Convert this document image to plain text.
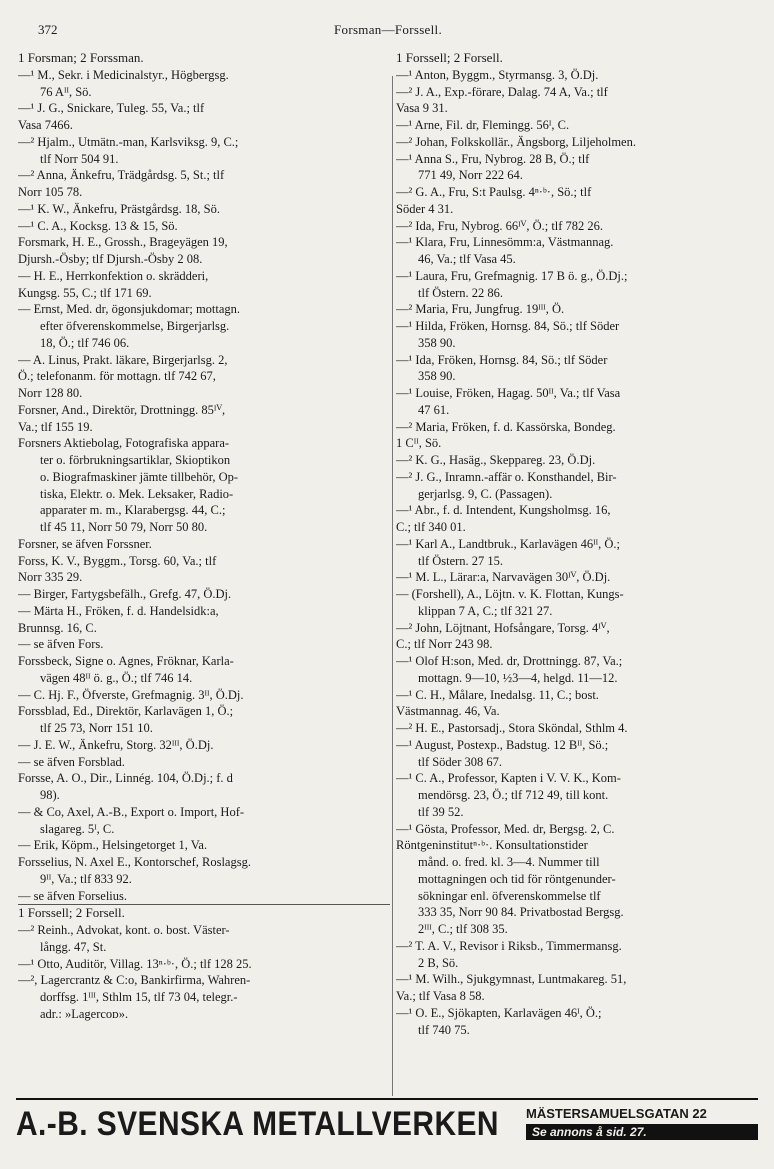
372	Forsman—Forssell.
1 Forsman; 2 Forssman.
—¹ M., Sekr. i Medicinalstyr., Högbergsg.
76 Aᴵᴵ, Sö.
—¹ J. G., Snickare, Tuleg. 55, Va.; tlf
Vasa 7466.
—² Hjalm., Utmätn.-man, Karlsviksg. 9, C.;
tlf Norr 504 91.
—² Anna, Änkefru, Trädgårdsg. 5, St.; tlf
Norr 105 78.
—¹ K. W., Änkefru, Prästgårdsg. 18, Sö.
—¹ C. A., Kocksg. 13 & 15, Sö.
Forsmark, H. E., Grossh., Brageyägen 19,
Djursh.-Ösby; tlf Djursh.-Ösby 2 08.
— H. E., Herrkonfektion o. skrädderi,
Kungsg. 55, C.; tlf 171 69.
— Ernst, Med. dr, ögonsjukdomar; mottagn.
efter öfverenskommelse, Birgerjarlsg.
18, Ö.; tlf 746 06.
— A. Linus, Prakt. läkare, Birgerjarlsg. 2,
Ö.; telefonanm. för mottagn. tlf 742 67,
Norr 128 80.
Forsner, And., Direktör, Drottningg. 85ᴵⱽ,
Va.; tlf 155 19.
Forsners Aktiebolag, Fotografiska appara-
ter o. förbrukningsartiklar, Skioptikon
o. Biografmaskiner jämte tillbehör, Op-
tiska, Elektr. o. Mek. Leksaker, Radio-
apparater m. m., Klarabergsg. 44, C.;
tlf 45 11, Norr 50 79, Norr 50 80.
Forsner, se äfven Forssner.
Forss, K. V., Byggm., Torsg. 60, Va.; tlf
Norr 335 29.
— Birger, Fartygsbefälh., Grefg. 47, Ö.Dj.
— Märta H., Fröken, f. d. Handelsidk:a,
Brunnsg. 16, C.
— se äfven Fors.
Forssbeck, Signe o. Agnes, Fröknar, Karla-
vägen 48ᴵᴵ ö. g., Ö.; tlf 746 14.
— C. Hj. F., Öfverste, Grefmagnig. 3ᴵᴵ, Ö.Dj.
Forssblad, Ed., Direktör, Karlavägen 1, Ö.;
tlf 25 73, Norr 151 10.
— J. E. W., Änkefru, Storg. 32ᴵᴵᴵ, Ö.Dj.
— se äfven Forsblad.
Forsse, A. O., Dir., Linnég. 104, Ö.Dj.; f. d
98).
— & Co, Axel, A.-B., Export o. Import, Hof-
slagareg. 5ᴵ, C.
— Erik, Köpm., Helsingetorget 1, Va.
Forsselius, N. Axel E., Kontorschef, Roslagsg.
9ᴵᴵ, Va.; tlf 833 92.
— se äfven Forselius.
1 Forssell; 2 Forsell.
—² Reinh., Advokat, kont. o. bost. Väster-
långg. 47, St.
—¹ Otto, Auditör, Villag. 13ⁿ·ᵇ·, Ö.; tlf 128 25.
—², Lagercrantz & C:o, Bankirfirma, Wahren-
dorffsg. 1ᴵᴵᴵ, Sthlm 15, tlf 73 04, telegr.-
adr.: »Lagercoᴅ».
1 Forssell; 2 Forsell.
—¹ Anton, Byggm., Styrmansg. 3, Ö.Dj.
—² J. A., Exp.-förare, Dalag. 74 A, Va.; tlf
Vasa 9 31.
—¹ Arne, Fil. dr, Flemingg. 56ᴵ, C.
—² Johan, Folkskollär., Ängsborg, Liljeholmen.
—¹ Anna S., Fru, Nybrog. 28 B, Ö.; tlf
771 49, Norr 222 64.
—² G. A., Fru, S:t Paulsg. 4ⁿ·ᵇ·, Sö.; tlf
Söder 4 31.
—² Ida, Fru, Nybrog. 66ᴵⱽ, Ö.; tlf 782 26.
—¹ Klara, Fru, Linnesömm:a, Västmannag.
46, Va.; tlf Vasa 45.
—¹ Laura, Fru, Grefmagnig. 17 B ö. g., Ö.Dj.;
tlf Östern. 22 86.
—² Maria, Fru, Jungfrug. 19ᴵᴵᴵ, Ö.
—¹ Hilda, Fröken, Hornsg. 84, Sö.; tlf Söder
358 90.
—¹ Ida, Fröken, Hornsg. 84, Sö.; tlf Söder
358 90.
—¹ Louise, Fröken, Hagag. 50ᴵᴵ, Va.; tlf Vasa
47 61.
—² Maria, Fröken, f. d. Kassörska, Bondeg.
1 Cᴵᴵ, Sö.
—² K. G., Hasäg., Skeppareg. 23, Ö.Dj.
—² J. G., Inramn.-affär o. Konsthandel, Bir-
gerjarlsg. 9, C. (Passagen).
—¹ Abr., f. d. Intendent, Kungsholmsg. 16,
C.; tlf 340 01.
—¹ Karl A., Landtbruk., Karlavägen 46ᴵᴵ, Ö.;
tlf Östern. 27 15.
—¹ M. L., Lärar:a, Narvavägen 30ᴵⱽ, Ö.Dj.
— (Forshell), A., Löjtn. v. K. Flottan, Kungs-
klippan 7 A, C.; tlf 321 27.
—² John, Löjtnant, Hofsångare, Torsg. 4ᴵⱽ,
C.; tlf Norr 243 98.
—¹ Olof H:son, Med. dr, Drottningg. 87, Va.;
mottagn. 9—10, ½3—4, helgd. 11—12.
—¹ C. H., Målare, Inedalsg. 11, C.; bost.
Västmannag. 46, Va.
—² H. E., Pastorsadj., Stora Sköndal, Sthlm 4.
—¹ August, Postexp., Badstug. 12 Bᴵᴵ, Sö.;
tlf Söder 308 67.
—¹ C. A., Professor, Kapten i V. V. K., Kom-
mendörsg. 23, Ö.; tlf 712 49, till kont.
tlf 39 52.
—¹ Gösta, Professor, Med. dr, Bergsg. 2, C.
Röntgeninstitutⁿ·ᵇ·. Konsultationstider
månd. o. fred. kl. 3—4. Nummer till
mottagningen och tid för röntgenunder-
sökningar enl. öfverenskommelse tlf
333 35, Norr 90 84. Privatbostad Bergsg.
2ᴵᴵᴵ, C.; tlf 308 35.
—² T. A. V., Revisor i Riksb., Timmermansg.
2 B, Sö.
—¹ M. Wilh., Sjukgymnast, Luntmakareg. 51,
Va.; tlf Vasa 8 58.
—¹ O. E., Sjökapten, Karlavägen 46ᴵ, Ö.;
tlf 740 75.
A.-B. SVENSKA METALLVERKEN MÄSTERSAMUELSGATAN 22
Se annons å sid. 27.
